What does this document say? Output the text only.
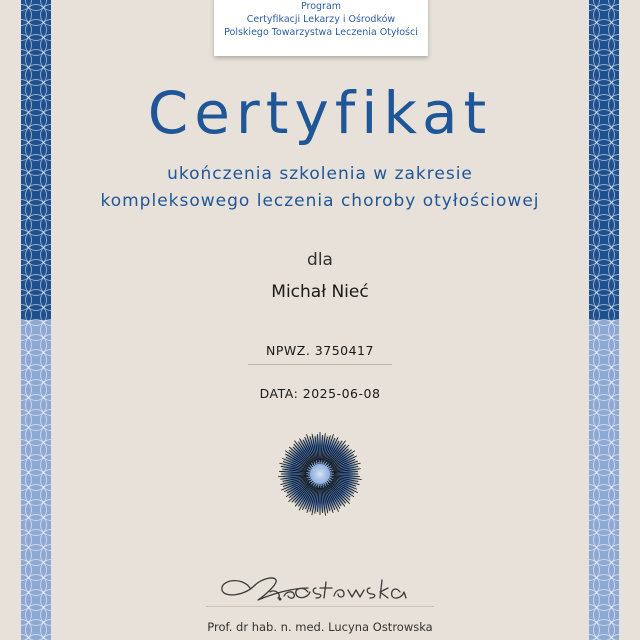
Program
Certyfikacji Lekarzy i Ośrodków
Polskiego Towarzystwa Leczenia Otyłości
Certyfikat
ukończenia szkolenia w zakresie
kompleksowego leczenia choroby otyłościowej
dla
Michał Nieć
NPWZ. 3750417
DATA: 2025-06-08
Prof. dr hab. n. med. Lucyna Ostrowska
